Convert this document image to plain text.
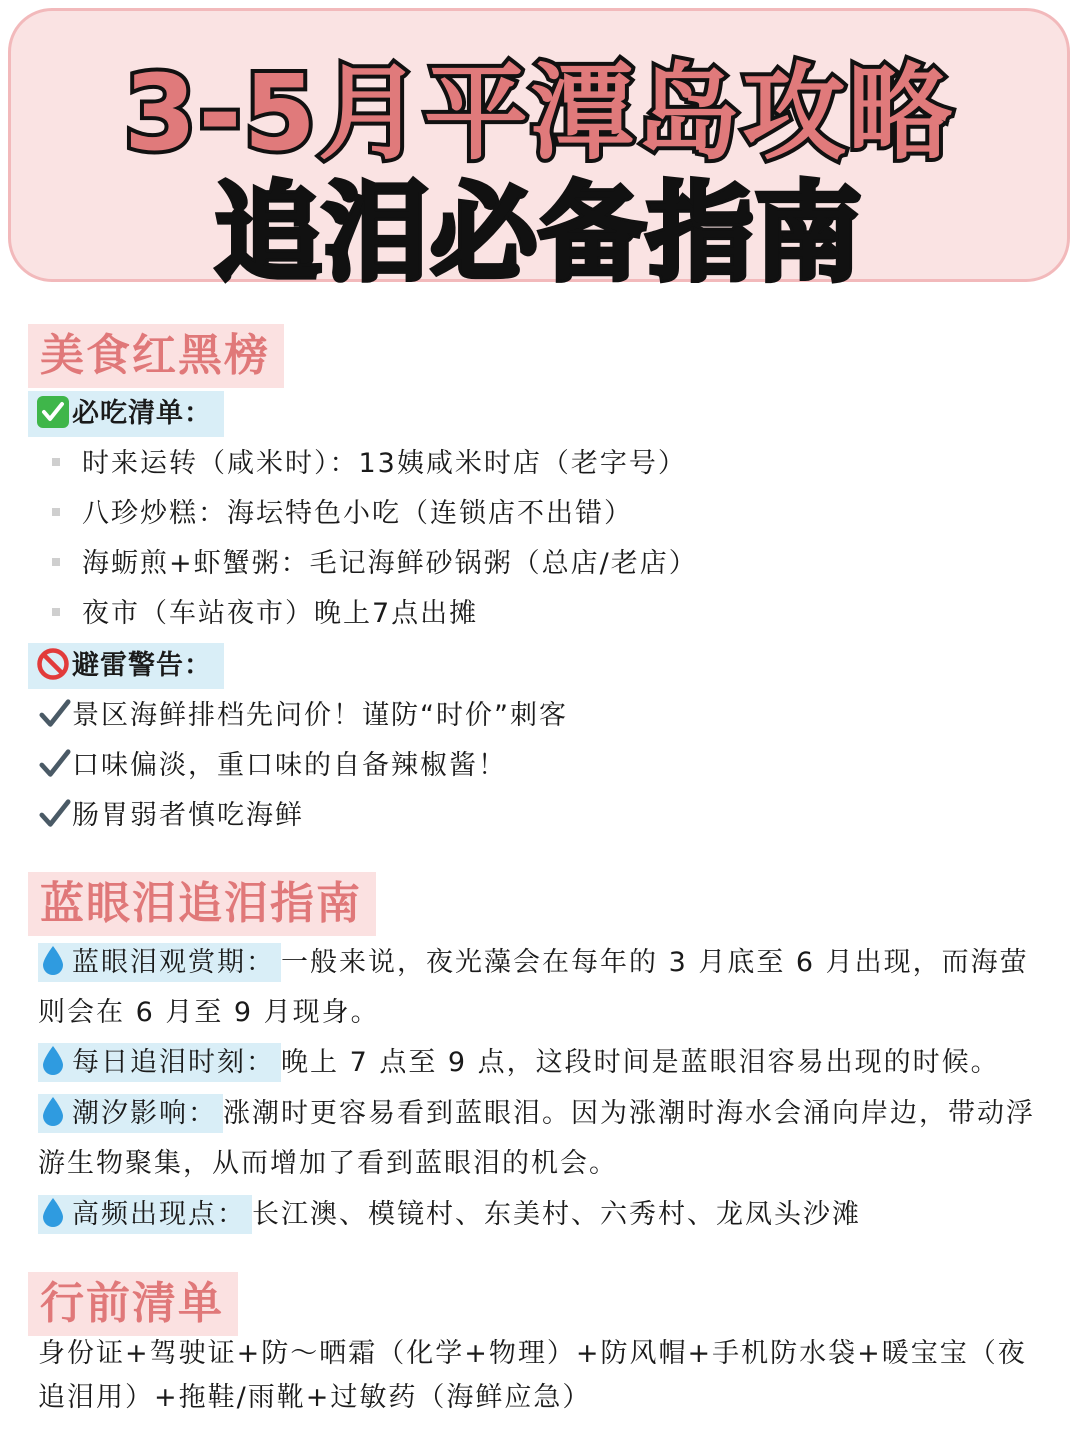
3-5月平潭岛攻略
追泪必备指南
美食红黑榜
必吃清单：
时来运转（咸米时）：13姨咸米时店（老字号）
八珍炒糕：海坛特色小吃（连锁店不出错）
海蛎煎+虾蟹粥：毛记海鲜砂锅粥（总店/老店）
夜市（车站夜市）晚上7点出摊
避雷警告：
景区海鲜排档先问价！谨防“时价”刺客
口味偏淡，重口味的自备辣椒酱！
肠胃弱者慎吃海鲜
蓝眼泪追泪指南
蓝眼泪观赏期： 一般来说，夜光藻会在每年的 3 月底至 6 月出现，而海萤则会在 6 月至 9 月现身。
每日追泪时刻： 晚上 7 点至 9 点，这段时间是蓝眼泪容易出现的时候。
潮汐影响： 涨潮时更容易看到蓝眼泪。因为涨潮时海水会涌向岸边，带动浮游生物聚集，从而增加了看到蓝眼泪的机会。
高频出现点： 长江澳、模镜村、东美村、六秀村、龙凤头沙滩
行前清单
身份证+驾驶证+防～晒霜（化学+物理）+防风帽+手机防水袋+暖宝宝（夜追泪用）+拖鞋/雨靴+过敏药（海鲜应急）
